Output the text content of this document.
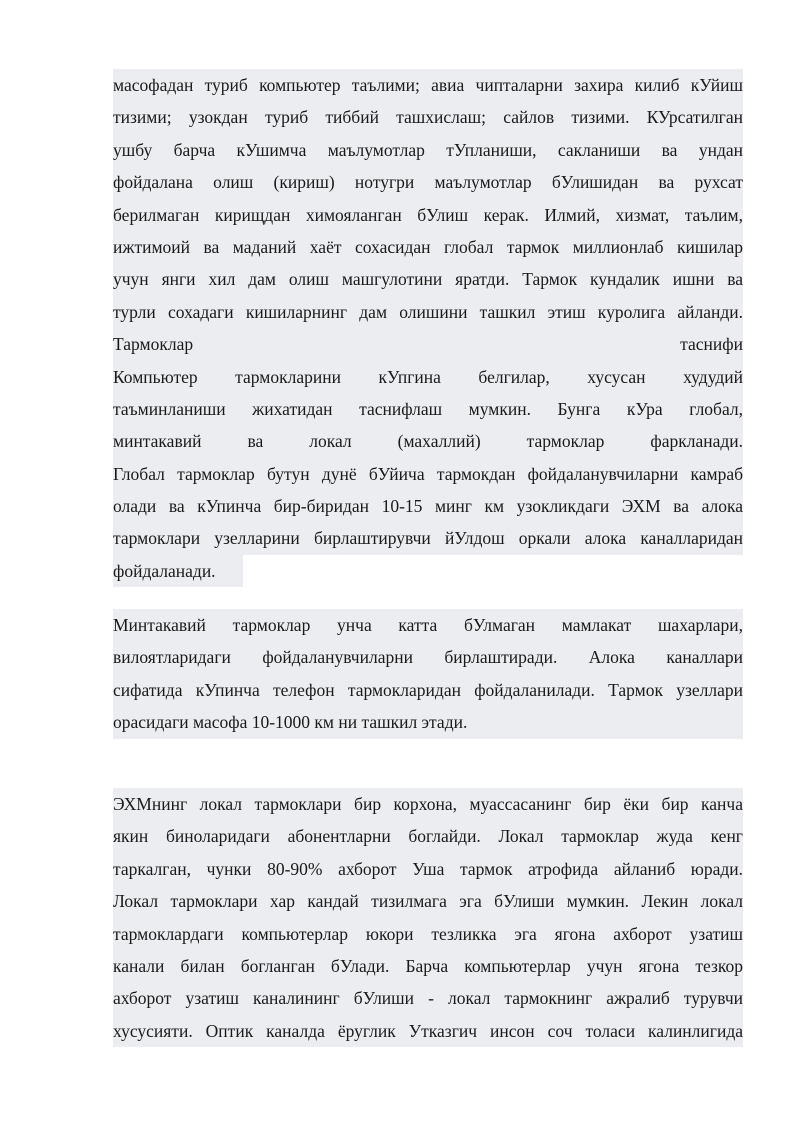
масофадан туриб компьютер таълими; авиа чипталарни захира килиб кУйиш
тизими; узокдан туриб тиббий ташхислаш; сайлов тизими. КУрсатилган
ушбу барча кУшимча маълумотлар тУпланиши, сакланиши ва ундан
фойдалана олиш (кириш) нотугри маълумотлар бУлишидан ва рухсат
берилмаган кирищдан химояланган бУлиш керак. Илмий, хизмат, таълим,
ижтимоий ва маданий хаёт сохасидан глобал тармок миллионлаб кишилар
учун янги хил дам олиш машгулотини яратди. Тармок кундалик ишни ва
турли сохадаги кишиларнинг дам олишини ташкил этиш куролига айланди.
Тармоклар таснифи
Компьютер тармокларини кУпгина белгилар, хусусан худудий
таъминланиши жихатидан таснифлаш мумкин. Бунга кУра глобал,
минтакавий ва локал (махаллий) тармоклар фаркланади.
Глобал тармоклар бутун дунё бУйича тармокдан фойдаланувчиларни камраб
олади ва кУпинча бир-биридан 10-15 минг км узокликдаги ЭХМ ва алока
тармоклари узелларини бирлаштирувчи йУлдош оркали алока каналларидан
фойдаланади.
Минтакавий тармоклар унча катта бУлмаган мамлакат шахарлари,
вилоятларидаги фойдаланувчиларни бирлаштиради. Алока каналлари
сифатида кУпинча телефон тармокларидан фойдаланилади. Тармок узеллари
орасидаги масофа 10-1000 км ни ташкил этади.
ЭХМнинг локал тармоклари бир корхона, муассасанинг бир ёки бир канча
якин биноларидаги абонентларни боглайди. Локал тармоклар жуда кенг
таркалган, чунки 80-90% ахборот Уша тармок атрофида айланиб юради.
Локал тармоклари хар кандай тизилмага эга бУлиши мумкин. Лекин локал
тармоклардаги компьютерлар юкори тезликка эга ягона ахборот узатиш
канали билан богланган бУлади. Барча компьютерлар учун ягона тезкор
ахборот узатиш каналининг бУлиши - локал тармокнинг ажралиб турувчи
хусусияти. Оптик каналда ёруглик Утказгич инсон соч толаси калинлигида
